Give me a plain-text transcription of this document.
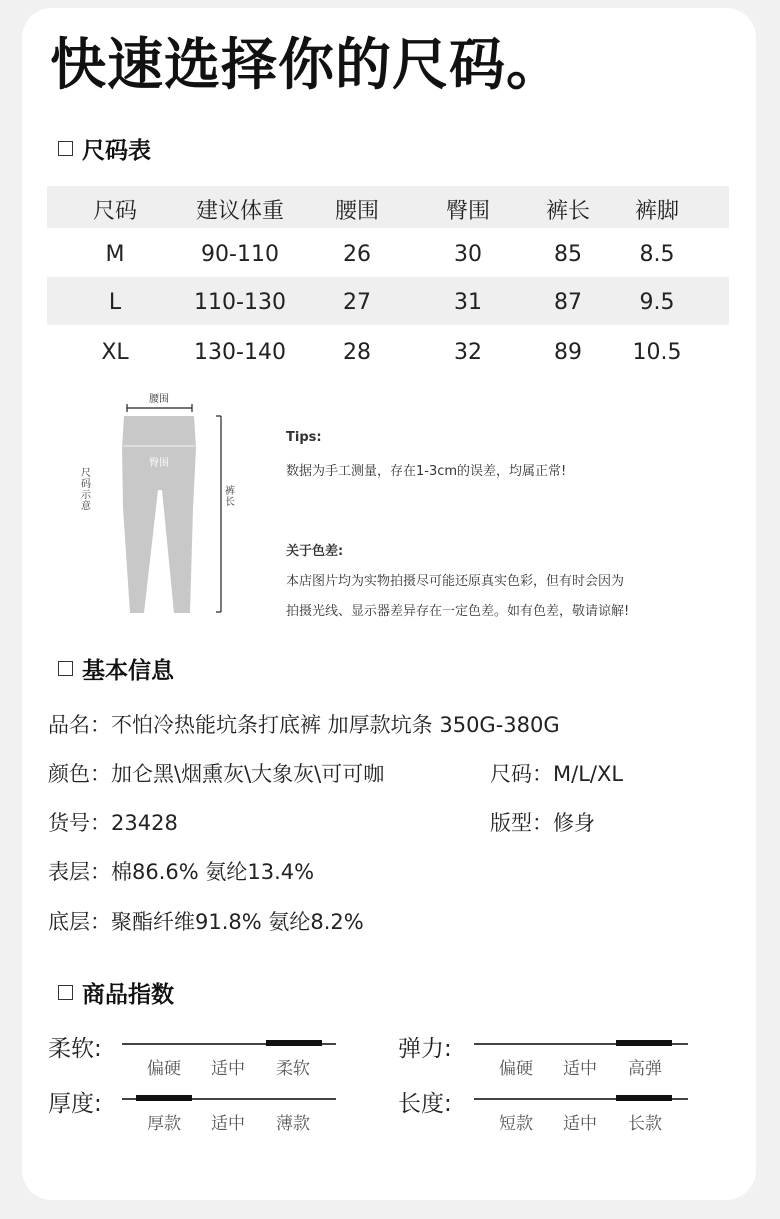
快速选择你的尺码。
尺码表
尺码	建议体重	腰围	臀围	裤长	裤脚
M	90-110	26	30	85	8.5
L	110-130	27	31	87	9.5
XL	130-140	28	32	89	10.5
尺码示意
腰围
臀围
裤长
Tips:
数据为手工测量，存在1-3cm的误差，均属正常!
关于色差:
本店图片均为实物拍摄尽可能还原真实色彩，但有时会因为
拍摄光线、显示器差异存在一定色差。如有色差，敬请谅解!
基本信息
品名：不怕冷热能坑条打底裤 加厚款坑条 350G-380G
颜色：加仑黑\烟熏灰\大象灰\可可咖	尺码：M/L/XL
货号：23428	版型：修身
表层：棉86.6% 氨纶13.4%
底层：聚酯纤维91.8% 氨纶8.2%
商品指数
柔软:
偏硬	适中	柔软
弹力:
偏硬	适中	高弹
厚度:
厚款	适中	薄款
长度:
短款	适中	长款
